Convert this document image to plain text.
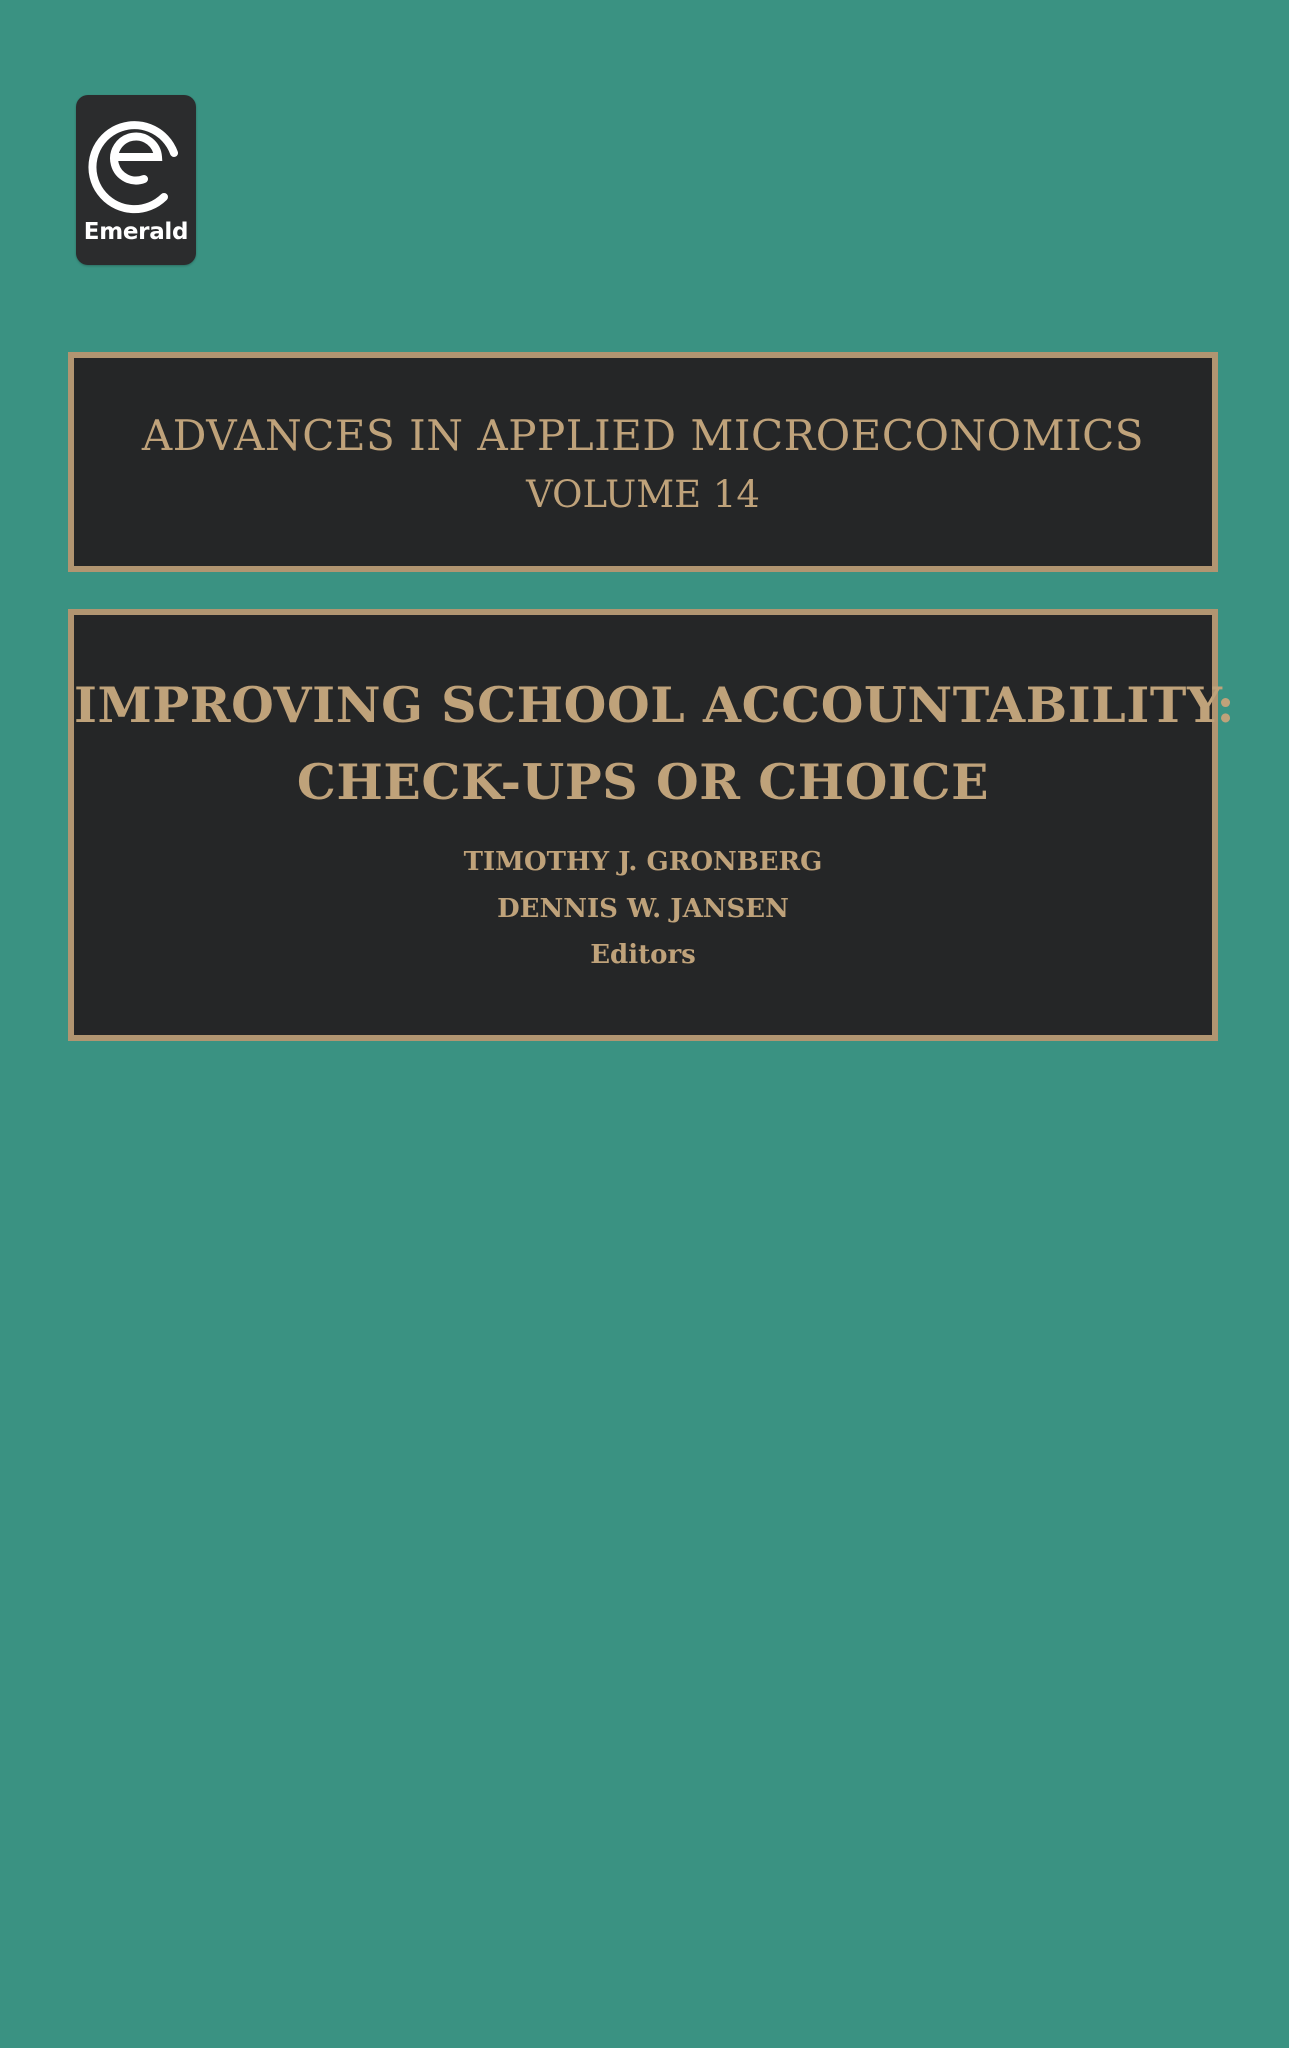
Emerald
ADVANCES IN APPLIED MICROECONOMICS
VOLUME 14
IMPROVING SCHOOL ACCOUNTABILITY:
CHECK-UPS OR CHOICE
TIMOTHY J. GRONBERG
DENNIS W. JANSEN
Editors
